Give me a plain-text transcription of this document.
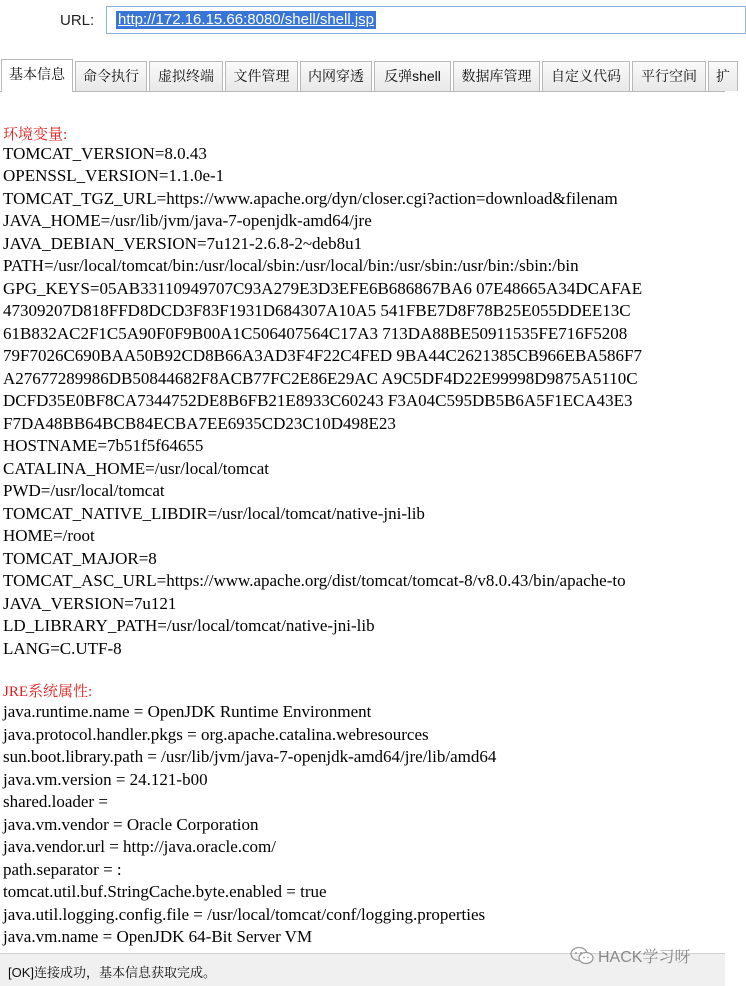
URL: http://172.16.15.66:8080/shell/shell.jsp
基本信息	命令执行	虚拟终端	文件管理	内网穿透	反弹shell	数据库管理	自定义代码	平行空间	扩
环境变量:
TOMCAT_VERSION=8.0.43
OPENSSL_VERSION=1.1.0e-1
TOMCAT_TGZ_URL=https://www.apache.org/dyn/closer.cgi?action=download&filenam
JAVA_HOME=/usr/lib/jvm/java-7-openjdk-amd64/jre
JAVA_DEBIAN_VERSION=7u121-2.6.8-2~deb8u1
PATH=/usr/local/tomcat/bin:/usr/local/sbin:/usr/local/bin:/usr/sbin:/usr/bin:/sbin:/bin
GPG_KEYS=05AB33110949707C93A279E3D3EFE6B686867BA6 07E48665A34DCAFAE
47309207D818FFD8DCD3F83F1931D684307A10A5 541FBE7D8F78B25E055DDEE13C
61B832AC2F1C5A90F0F9B00A1C506407564C17A3 713DA88BE50911535FE716F5208
79F7026C690BAA50B92CD8B66A3AD3F4F22C4FED 9BA44C2621385CB966EBA586F7
A27677289986DB50844682F8ACB77FC2E86E29AC A9C5DF4D22E99998D9875A5110C
DCFD35E0BF8CA7344752DE8B6FB21E8933C60243 F3A04C595DB5B6A5F1ECA43E3
F7DA48BB64BCB84ECBA7EE6935CD23C10D498E23
HOSTNAME=7b51f5f64655
CATALINA_HOME=/usr/local/tomcat
PWD=/usr/local/tomcat
TOMCAT_NATIVE_LIBDIR=/usr/local/tomcat/native-jni-lib
HOME=/root
TOMCAT_MAJOR=8
TOMCAT_ASC_URL=https://www.apache.org/dist/tomcat/tomcat-8/v8.0.43/bin/apache-to
JAVA_VERSION=7u121
LD_LIBRARY_PATH=/usr/local/tomcat/native-jni-lib
LANG=C.UTF-8
JRE系统属性:
java.runtime.name = OpenJDK Runtime Environment
java.protocol.handler.pkgs = org.apache.catalina.webresources
sun.boot.library.path = /usr/lib/jvm/java-7-openjdk-amd64/jre/lib/amd64
java.vm.version = 24.121-b00
shared.loader =
java.vm.vendor = Oracle Corporation
java.vendor.url = http://java.oracle.com/
path.separator = :
tomcat.util.buf.StringCache.byte.enabled = true
java.util.logging.config.file = /usr/local/tomcat/conf/logging.properties
java.vm.name = OpenJDK 64-Bit Server VM
[OK]连接成功，基本信息获取完成。
HACK学习呀
